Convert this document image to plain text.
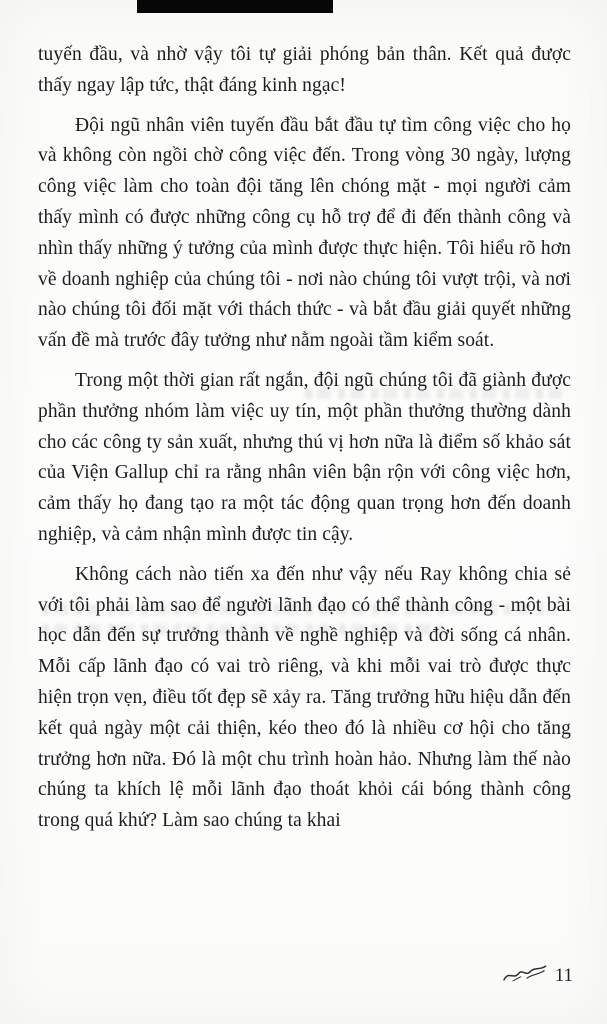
tuyến đầu, và nhờ vậy tôi tự giải phóng bản thân. Kết quả được thấy ngay lập tức, thật đáng kinh ngạc!

Đội ngũ nhân viên tuyến đầu bắt đầu tự tìm công việc cho họ và không còn ngồi chờ công việc đến. Trong vòng 30 ngày, lượng công việc làm cho toàn đội tăng lên chóng mặt - mọi người cảm thấy mình có được những công cụ hỗ trợ để đi đến thành công và nhìn thấy những ý tưởng của mình được thực hiện. Tôi hiểu rõ hơn về doanh nghiệp của chúng tôi - nơi nào chúng tôi vượt trội, và nơi nào chúng tôi đối mặt với thách thức - và bắt đầu giải quyết những vấn đề mà trước đây tưởng như nằm ngoài tầm kiểm soát.

Trong một thời gian rất ngắn, đội ngũ chúng tôi đã giành được phần thưởng nhóm làm việc uy tín, một phần thưởng thường dành cho các công ty sản xuất, nhưng thú vị hơn nữa là điểm số khảo sát của Viện Gallup chỉ ra rằng nhân viên bận rộn với công việc hơn, cảm thấy họ đang tạo ra một tác động quan trọng hơn đến doanh nghiệp, và cảm nhận mình được tin cậy.

Không cách nào tiến xa đến như vậy nếu Ray không chia sẻ với tôi phải làm sao để người lãnh đạo có thể thành công - một bài học dẫn đến sự trưởng thành về nghề nghiệp và đời sống cá nhân. Mỗi cấp lãnh đạo có vai trò riêng, và khi mỗi vai trò được thực hiện trọn vẹn, điều tốt đẹp sẽ xảy ra. Tăng trưởng hữu hiệu dẫn đến kết quả ngày một cải thiện, kéo theo đó là nhiều cơ hội cho tăng trưởng hơn nữa. Đó là một chu trình hoàn hảo. Nhưng làm thế nào chúng ta khích lệ mỗi lãnh đạo thoát khỏi cái bóng thành công trong quá khứ? Làm sao chúng ta khai

11
